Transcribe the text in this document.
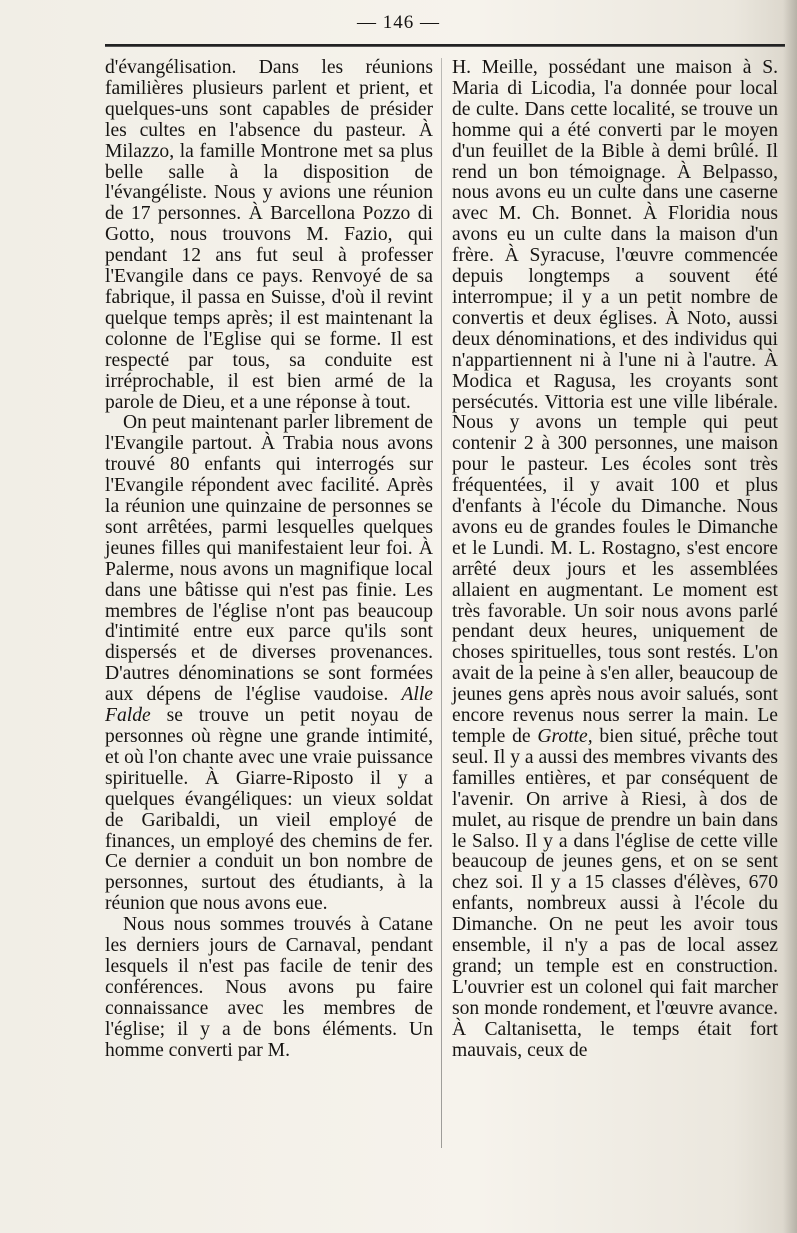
— 146 —

d'évangélisation. Dans les réunions familières plusieurs parlent et prient, et quelques-uns sont capables de présider les cultes en l'absence du pasteur. À Milazzo, la famille Montrone met sa plus belle salle à la disposition de l'évangéliste. Nous y avions une réunion de 17 personnes. À Barcellona Pozzo di Gotto, nous trouvons M. Fazio, qui pendant 12 ans fut seul à professer l'Evangile dans ce pays. Renvoyé de sa fabrique, il passa en Suisse, d'où il revint quelque temps après; il est maintenant la colonne de l'Eglise qui se forme. Il est respecté par tous, sa conduite est irréprochable, il est bien armé de la parole de Dieu, et a une réponse à tout.

On peut maintenant parler librement de l'Evangile partout. À Trabia nous avons trouvé 80 enfants qui interrogés sur l'Evangile répondent avec facilité. Après la réunion une quinzaine de personnes se sont arrêtées, parmi lesquelles quelques jeunes filles qui manifestaient leur foi. À Palerme, nous avons un magnifique local dans une bâtisse qui n'est pas finie. Les membres de l'église n'ont pas beaucoup d'intimité entre eux parce qu'ils sont dispersés et de diverses provenances. D'autres dénominations se sont formées aux dépens de l'église vaudoise. Alle Falde se trouve un petit noyau de personnes où règne une grande intimité, et où l'on chante avec une vraie puissance spirituelle. À Giarre-Riposto il y a quelques évangéliques: un vieux soldat de Garibaldi, un vieil employé de finances, un employé des chemins de fer. Ce dernier a conduit un bon nombre de personnes, surtout des étudiants, à la réunion que nous avons eue.

Nous nous sommes trouvés à Catane les derniers jours de Carnaval, pendant lesquels il n'est pas facile de tenir des conférences. Nous avons pu faire connaissance avec les membres de l'église; il y a de bons éléments. Un homme converti par M.

H. Meille, possédant une maison à S. Maria di Licodia, l'a donnée pour local de culte. Dans cette localité, se trouve un homme qui a été converti par le moyen d'un feuillet de la Bible à demi brûlé. Il rend un bon témoignage. À Belpasso, nous avons eu un culte dans une caserne avec M. Ch. Bonnet. À Floridia nous avons eu un culte dans la maison d'un frère. À Syracuse, l'œuvre commencée depuis longtemps a souvent été interrompue; il y a un petit nombre de convertis et deux églises. À Noto, aussi deux dénominations, et des individus qui n'appartiennent ni à l'une ni à l'autre. À Modica et Ragusa, les croyants sont persécutés. Vittoria est une ville libérale. Nous y avons un temple qui peut contenir 2 à 300 personnes, une maison pour le pasteur. Les écoles sont très fréquentées, il y avait 100 et plus d'enfants à l'école du Dimanche. Nous avons eu de grandes foules le Dimanche et le Lundi. M. L. Rostagno, s'est encore arrêté deux jours et les assemblées allaient en augmentant. Le moment est très favorable. Un soir nous avons parlé pendant deux heures, uniquement de choses spirituelles, tous sont restés. L'on avait de la peine à s'en aller, beaucoup de jeunes gens après nous avoir salués, sont encore revenus nous serrer la main. Le temple de Grotte, bien situé, prêche tout seul. Il y a aussi des membres vivants des familles entières, et par conséquent de l'avenir. On arrive à Riesi, à dos de mulet, au risque de prendre un bain dans le Salso. Il y a dans l'église de cette ville beaucoup de jeunes gens, et on se sent chez soi. Il y a 15 classes d'élèves, 670 enfants, nombreux aussi à l'école du Dimanche. On ne peut les avoir tous ensemble, il n'y a pas de local assez grand; un temple est en construction. L'ouvrier est un colonel qui fait marcher son monde rondement, et l'œuvre avance. À Caltanisetta, le temps était fort mauvais, ceux de
